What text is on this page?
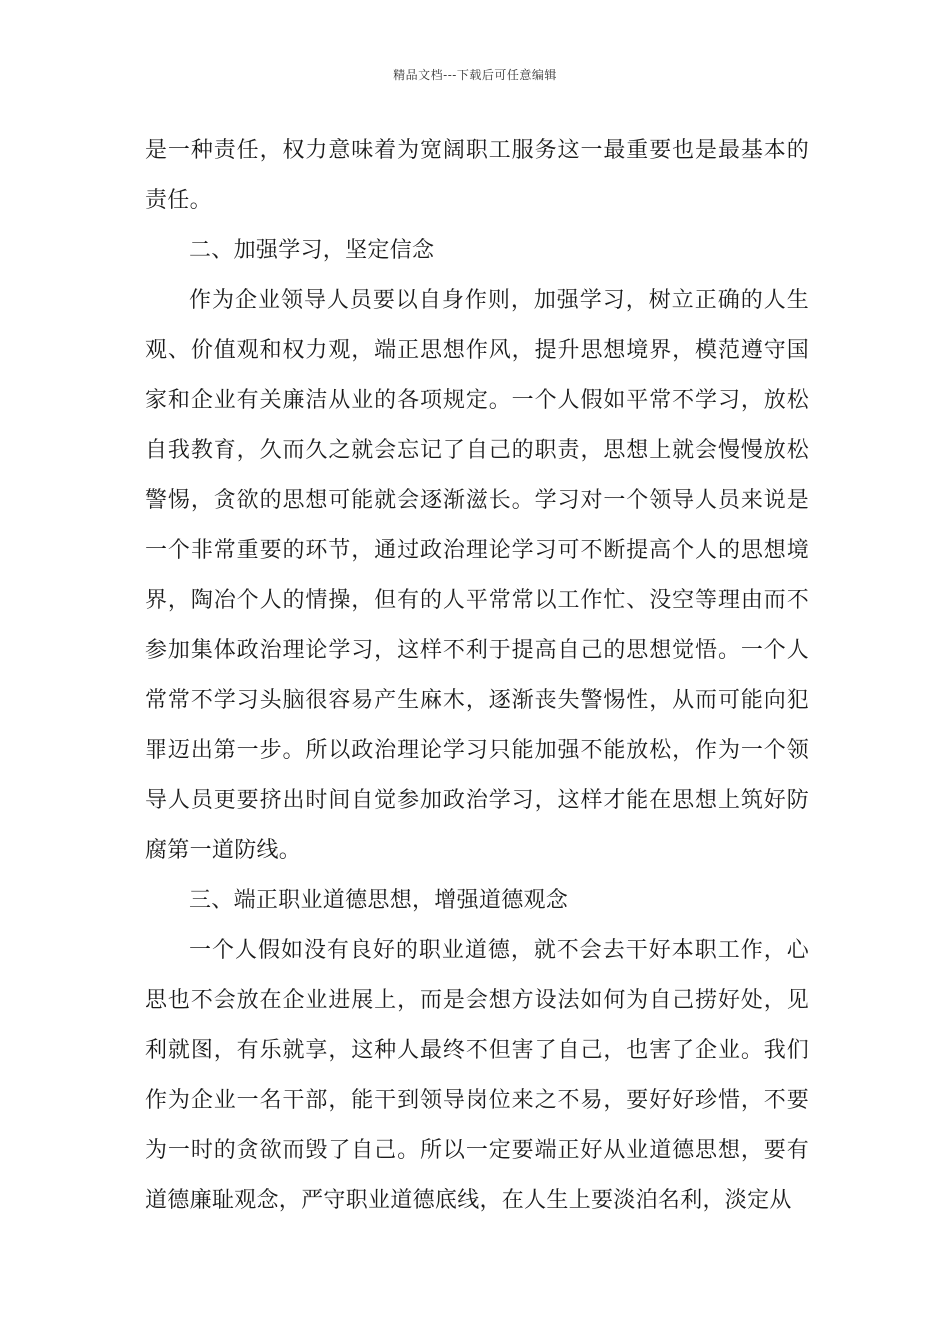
精品文档---下载后可任意编辑

是一种责任，权力意味着为宽阔职工服务这一最重要也是最基本的责任。

二、加强学习，坚定信念

作为企业领导人员要以自身作则，加强学习，树立正确的人生观、价值观和权力观，端正思想作风，提升思想境界，模范遵守国家和企业有关廉洁从业的各项规定。一个人假如平常不学习，放松自我教育，久而久之就会忘记了自己的职责，思想上就会慢慢放松警惕，贪欲的思想可能就会逐渐滋长。学习对一个领导人员来说是一个非常重要的环节，通过政治理论学习可不断提高个人的思想境界，陶冶个人的情操，但有的人平常常以工作忙、没空等理由而不参加集体政治理论学习，这样不利于提高自己的思想觉悟。一个人常常不学习头脑很容易产生麻木，逐渐丧失警惕性，从而可能向犯罪迈出第一步。所以政治理论学习只能加强不能放松，作为一个领导人员更要挤出时间自觉参加政治学习，这样才能在思想上筑好防腐第一道防线。

三、端正职业道德思想，增强道德观念

一个人假如没有良好的职业道德，就不会去干好本职工作，心思也不会放在企业进展上，而是会想方设法如何为自己捞好处，见利就图，有乐就享，这种人最终不但害了自己，也害了企业。我们作为企业一名干部，能干到领导岗位来之不易，要好好珍惜，不要为一时的贪欲而毁了自己。所以一定要端正好从业道德思想，要有道德廉耻观念，严守职业道德底线，在人生上要淡泊名利，淡定从
